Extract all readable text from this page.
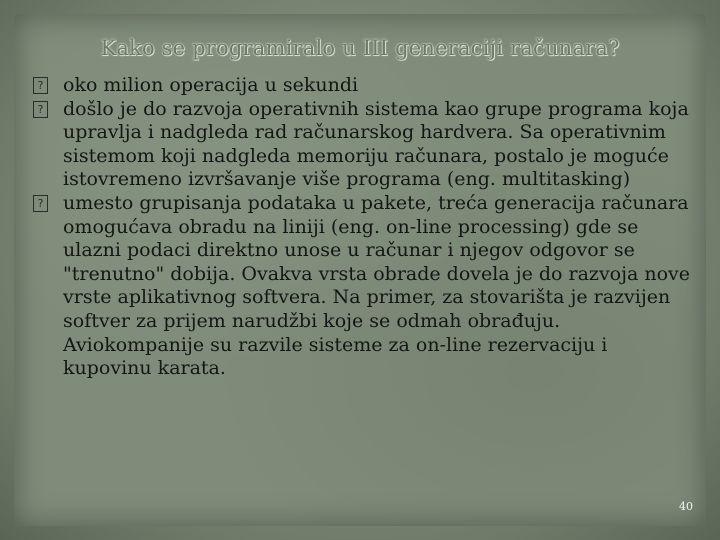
Kako se programiralo u III generaciji računara?

? oko milion operacija u sekundi

? došlo je do razvoja operativnih sistema kao grupe programa koja upravlja i nadgleda rad računarskog hardvera. Sa operativnim sistemom koji nadgleda memoriju računara, postalo je moguće istovremeno izvršavanje više programa (eng. multitasking)

? umesto grupisanja podataka u pakete, treća generacija računara omogućava obradu na liniji (eng. on-line processing) gde se ulazni podaci direktno unose u računar i njegov odgovor se "trenutno" dobija. Ovakva vrsta obrade dovela je do razvoja nove vrste aplikativnog softvera. Na primer, za stovarišta je razvijen softver za prijem narudžbi koje se odmah obrađuju. Aviokompanije su razvile sisteme za on-line rezervaciju i kupovinu karata.

40
